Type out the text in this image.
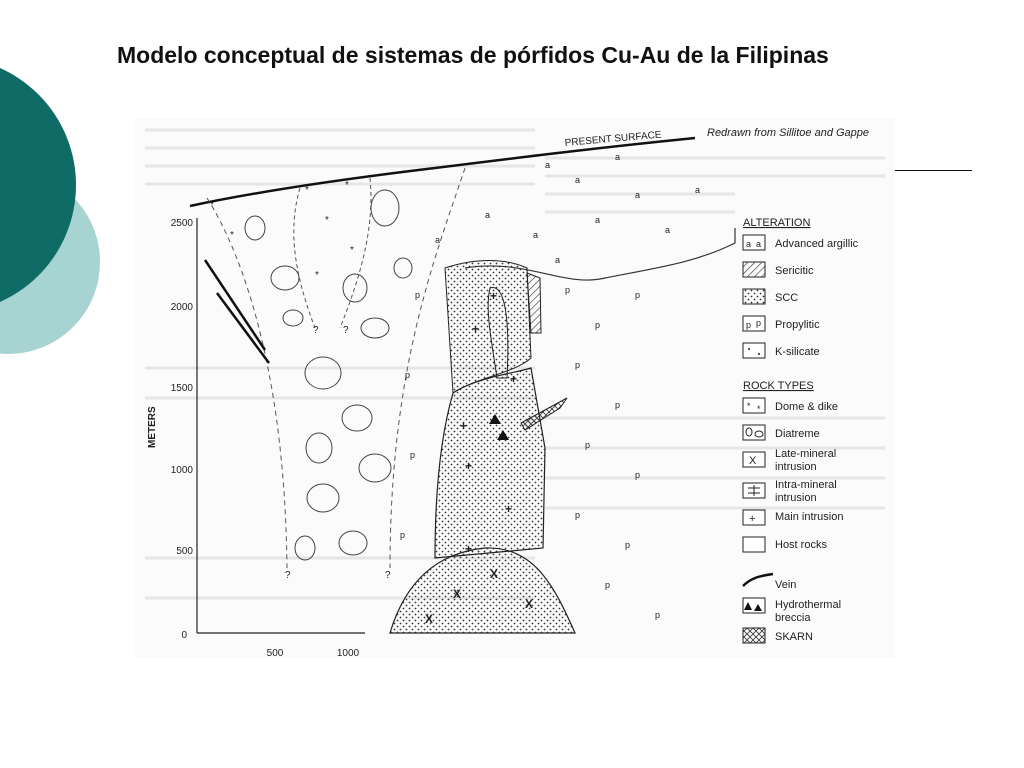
Modelo conceptual de sistemas de pórfidos Cu-Au de la Filipinas
METERS
2500
2000
1500
1000
500
0
500	1000
PRESENT SURFACE	Redrawn from Sillitoe and Gappe
*	*
*
*
*
*
*
? ?
?	?
+
+
+
+
+
+
+
X
X
X
X
a
a
a
a
a
a
a
a
a
a
a
p
p
p
p
p
p
p
p
p
p
p
p
p
p
p
ALTERATION
a a Advanced argillic
Sericitic
SCC
p p Propylitic
K-silicate
ROCK TYPES
* * Dome & dike
Diatreme
X
Late-mineral
intrusion
Intra-mineral
intrusion
+ Main intrusion
Host rocks
Vein
Hydrothermal
breccia
SKARN
